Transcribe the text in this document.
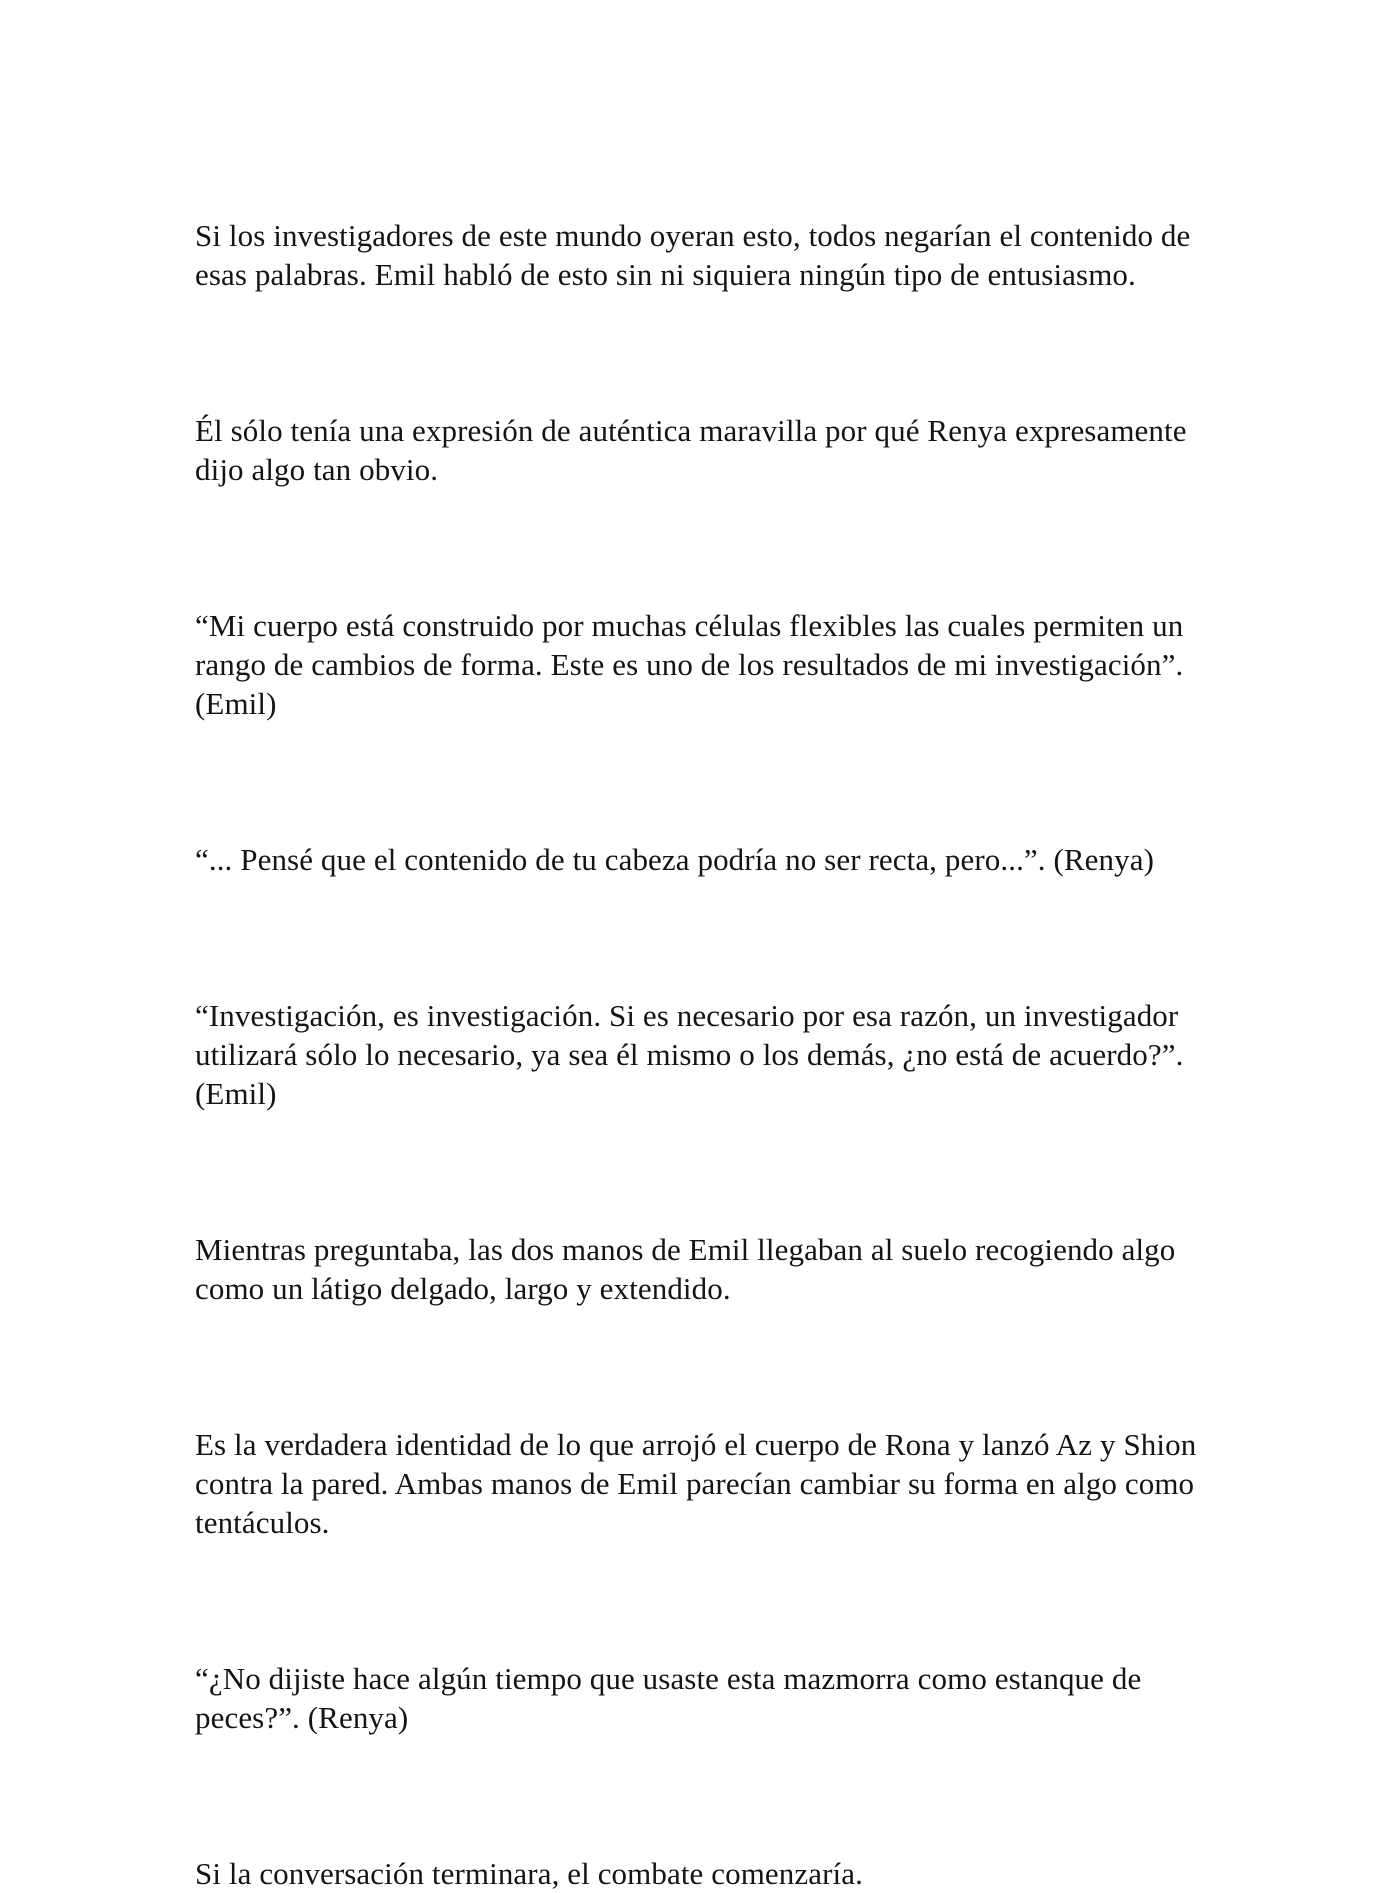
Si los investigadores de este mundo oyeran esto, todos negarían el contenido de esas palabras. Emil habló de esto sin ni siquiera ningún tipo de entusiasmo.

Él sólo tenía una expresión de auténtica maravilla por qué Renya expresamente dijo algo tan obvio.

“Mi cuerpo está construido por muchas células flexibles las cuales permiten un rango de cambios de forma. Este es uno de los resultados de mi investigación”. (Emil)

“... Pensé que el contenido de tu cabeza podría no ser recta, pero...”. (Renya)

“Investigación, es investigación. Si es necesario por esa razón, un investigador utilizará sólo lo necesario, ya sea él mismo o los demás, ¿no está de acuerdo?”. (Emil)

Mientras preguntaba, las dos manos de Emil llegaban al suelo recogiendo algo como un látigo delgado, largo y extendido.

Es la verdadera identidad de lo que arrojó el cuerpo de Rona y lanzó Az y Shion contra la pared. Ambas manos de Emil parecían cambiar su forma en algo como tentáculos.

“¿No dijiste hace algún tiempo que usaste esta mazmorra como estanque de peces?”. (Renya)

Si la conversación terminara, el combate comenzaría.
